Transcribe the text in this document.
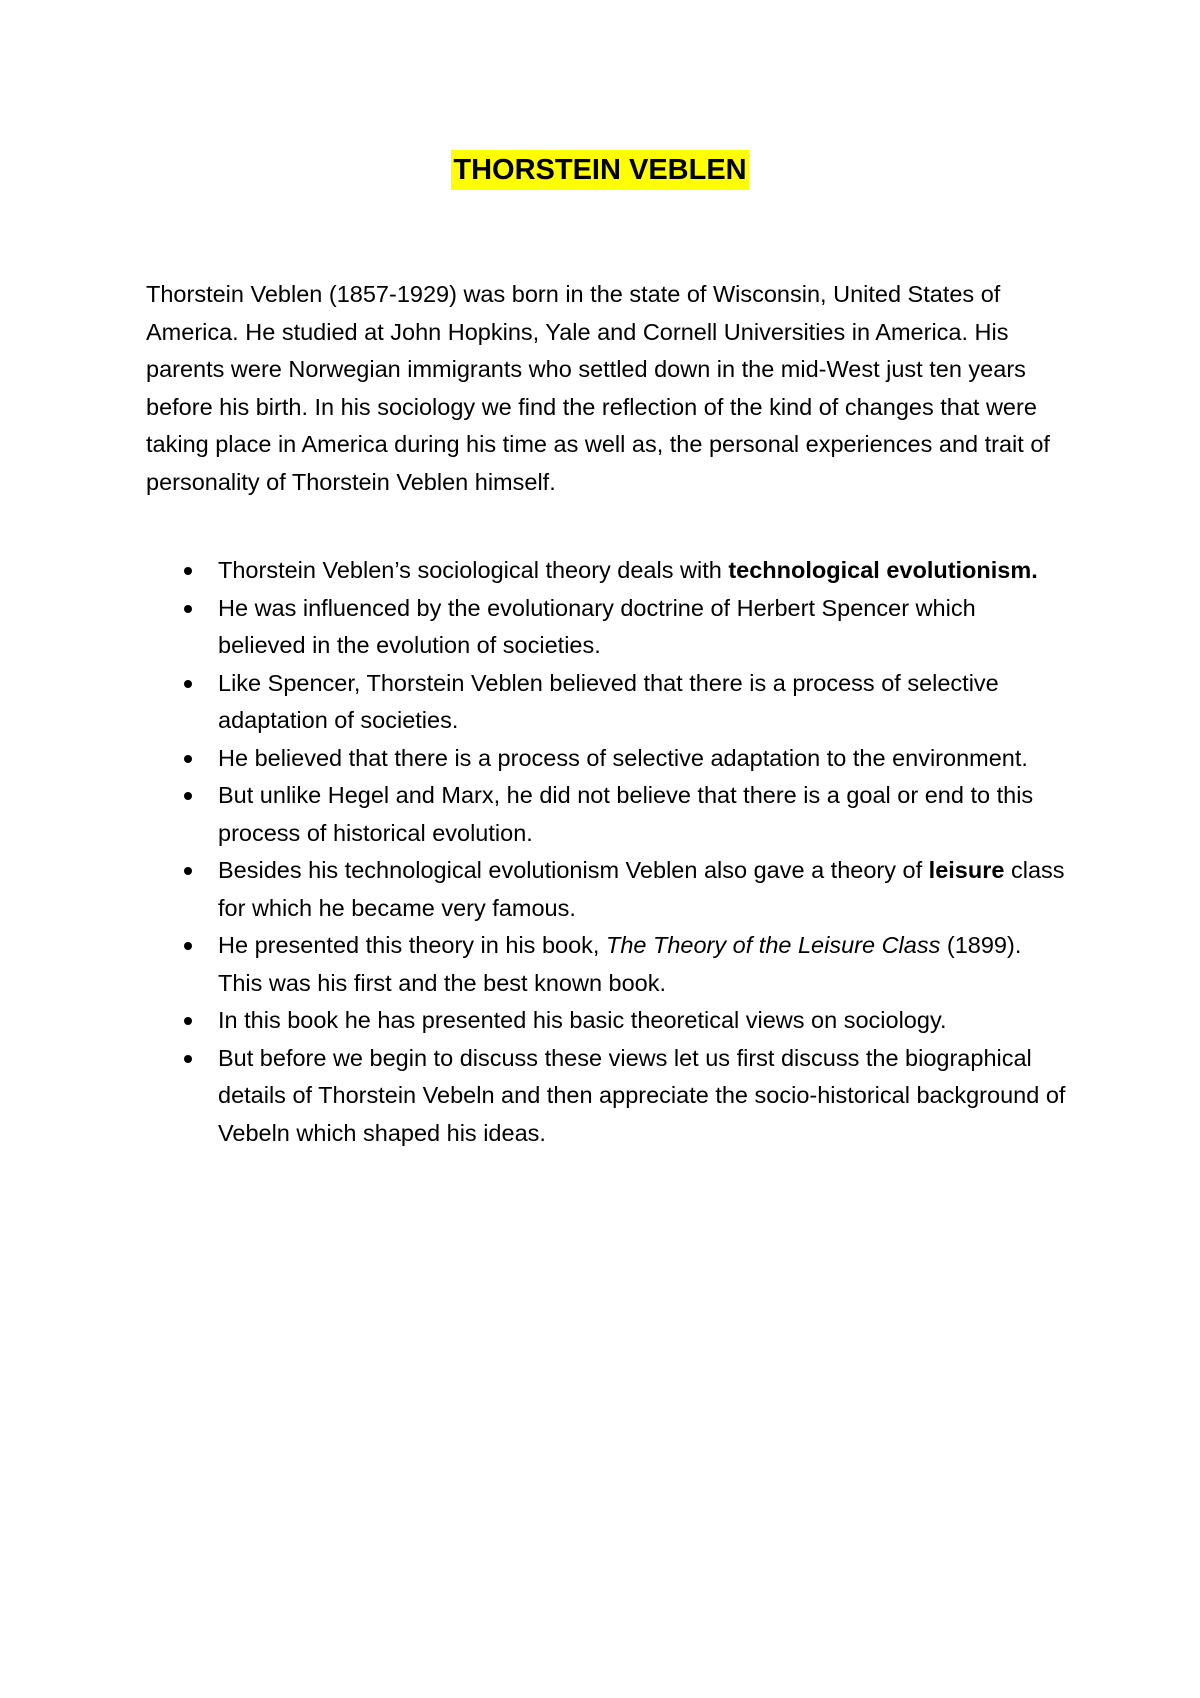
THORSTEIN VEBLEN

Thorstein Veblen (1857-1929) was born in the state of Wisconsin, United States of America. He studied at John Hopkins, Yale and Cornell Universities in America. His parents were Norwegian immigrants who settled down in the mid-West just ten years before his birth. In his sociology we find the reflection of the kind of changes that were taking place in America during his time as well as, the personal experiences and trait of personality of Thorstein Veblen himself.

Thorstein Veblen’s sociological theory deals with technological evolutionism.
He was influenced by the evolutionary doctrine of Herbert Spencer which believed in the evolution of societies.
Like Spencer, Thorstein Veblen believed that there is a process of selective adaptation of societies.
He believed that there is a process of selective adaptation to the environment.
But unlike Hegel and Marx, he did not believe that there is a goal or end to this process of historical evolution.
Besides his technological evolutionism Veblen also gave a theory of leisure class for which he became very famous.
He presented this theory in his book, The Theory of the Leisure Class (1899). This was his first and the best known book.
In this book he has presented his basic theoretical views on sociology.
But before we begin to discuss these views let us first discuss the biographical details of Thorstein Vebeln and then appreciate the socio-historical background of Vebeln which shaped his ideas.
